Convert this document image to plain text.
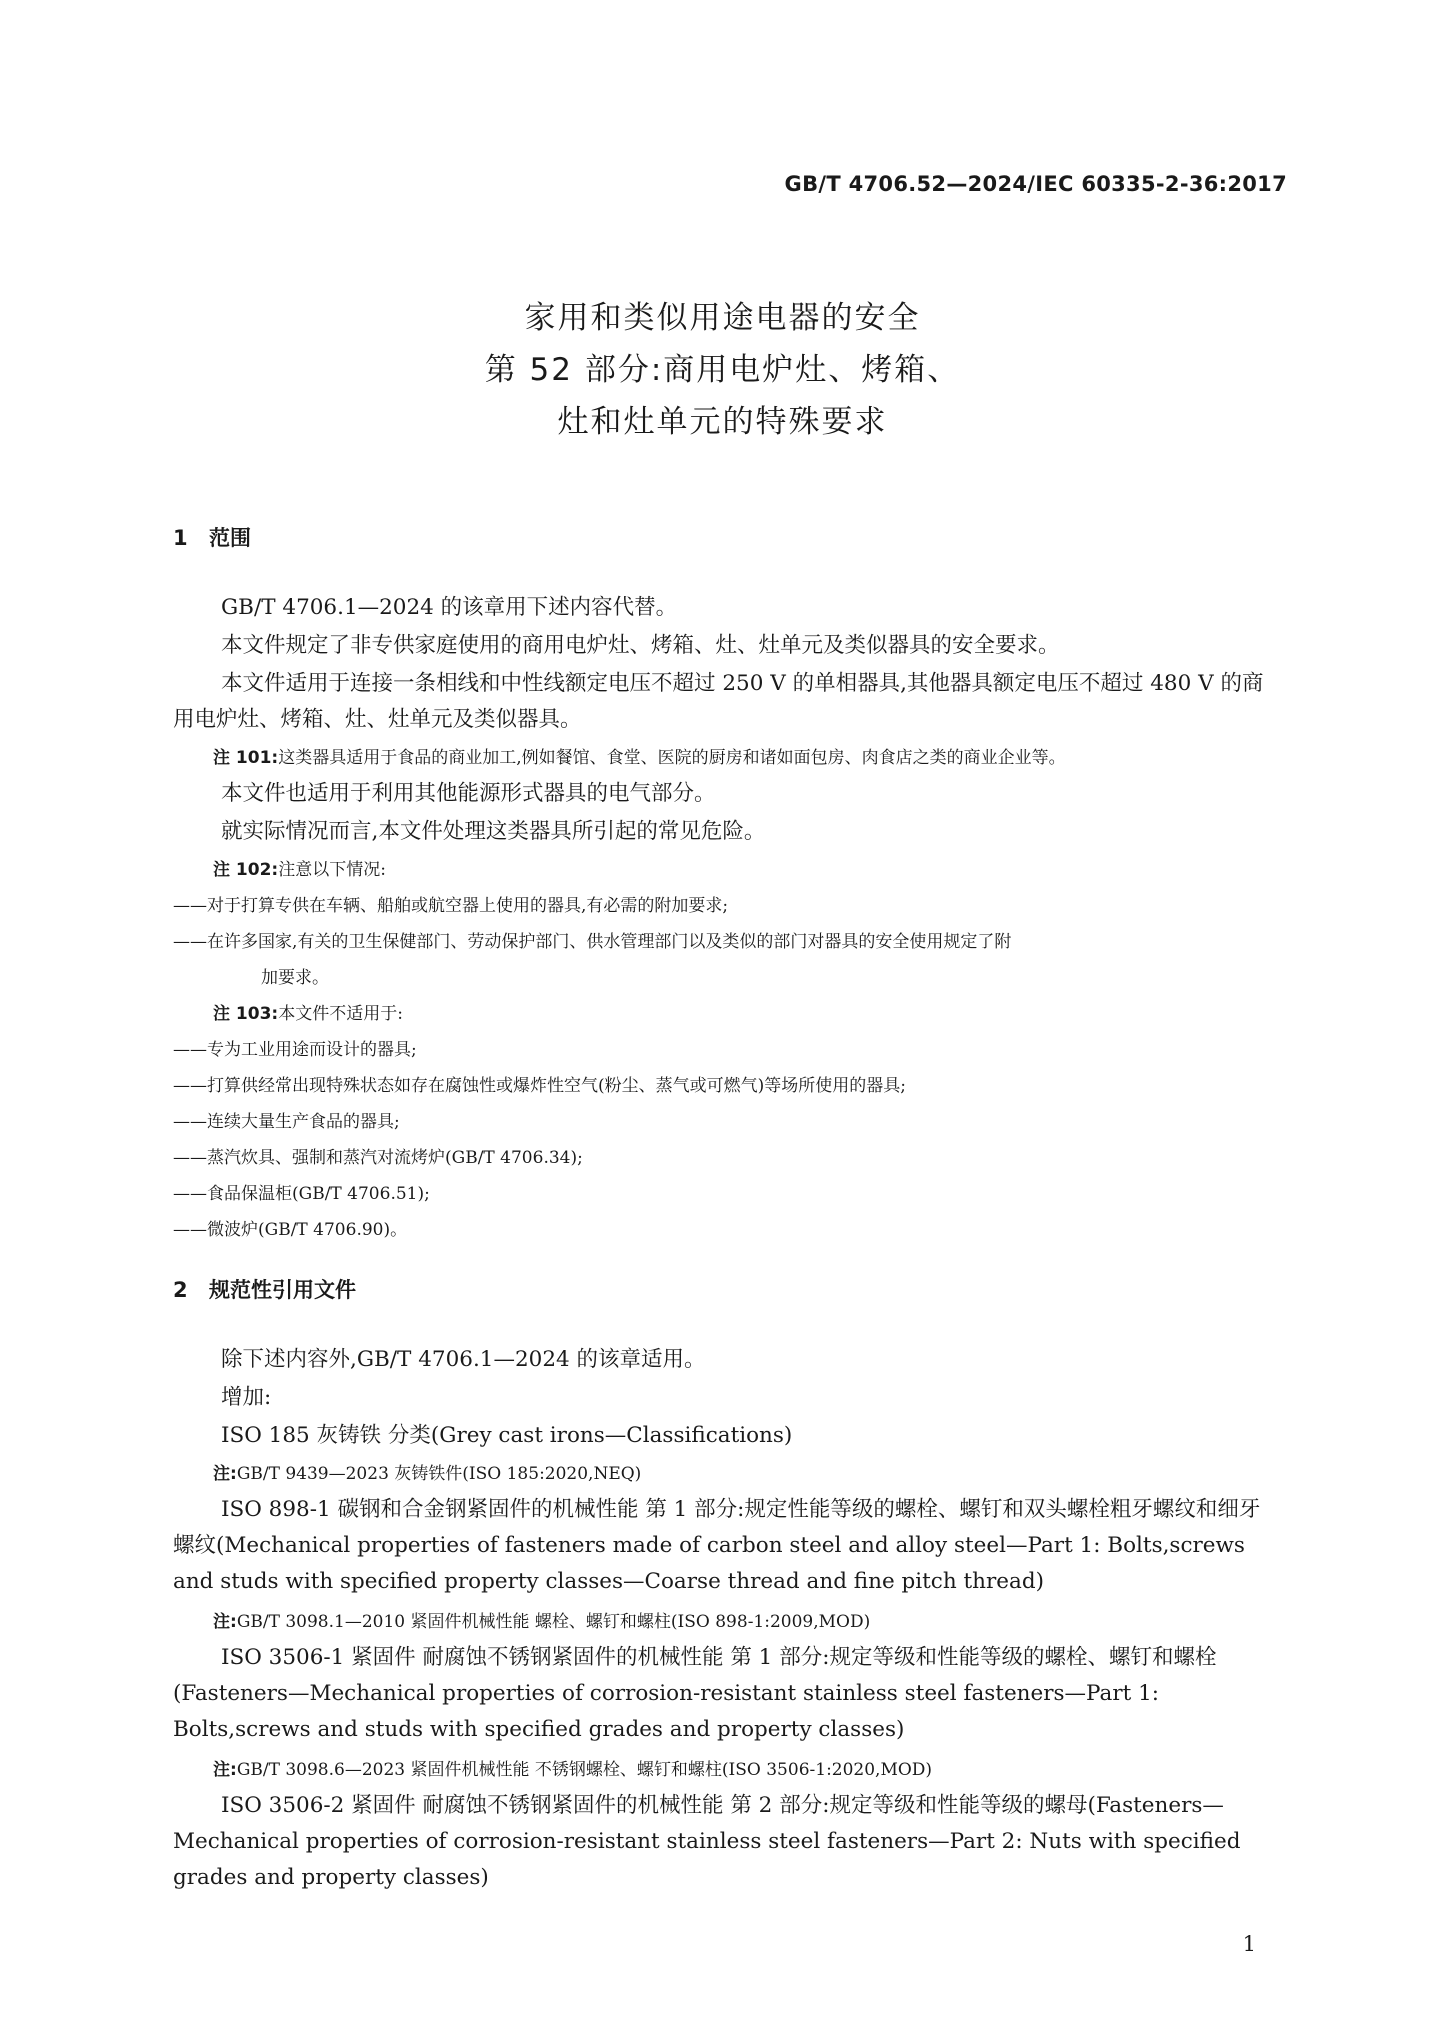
GB/T 4706.52—2024/IEC 60335-2-36:2017
家用和类似用途电器的安全
第 52 部分:商用电炉灶、烤箱、
灶和灶单元的特殊要求
1 范围
GB/T 4706.1—2024 的该章用下述内容代替。
本文件规定了非专供家庭使用的商用电炉灶、烤箱、灶、灶单元及类似器具的安全要求。
本文件适用于连接一条相线和中性线额定电压不超过 250 V 的单相器具,其他器具额定电压不超过 480 V 的商用电炉灶、烤箱、灶、灶单元及类似器具。
注 101:这类器具适用于食品的商业加工,例如餐馆、食堂、医院的厨房和诸如面包房、肉食店之类的商业企业等。
本文件也适用于利用其他能源形式器具的电气部分。
就实际情况而言,本文件处理这类器具所引起的常见危险。
注 102:注意以下情况:
——对于打算专供在车辆、船舶或航空器上使用的器具,有必需的附加要求;
——在许多国家,有关的卫生保健部门、劳动保护部门、供水管理部门以及类似的部门对器具的安全使用规定了附
加要求。
注 103:本文件不适用于:
——专为工业用途而设计的器具;
——打算供经常出现特殊状态如存在腐蚀性或爆炸性空气(粉尘、蒸气或可燃气)等场所使用的器具;
——连续大量生产食品的器具;
——蒸汽炊具、强制和蒸汽对流烤炉(GB/T 4706.34);
——食品保温柜(GB/T 4706.51);
——微波炉(GB/T 4706.90)。
2 规范性引用文件
除下述内容外,GB/T 4706.1—2024 的该章适用。
增加:
ISO 185 灰铸铁 分类(Grey cast irons—Classifications)
注:GB/T 9439—2023 灰铸铁件(ISO 185:2020,NEQ)
ISO 898-1 碳钢和合金钢紧固件的机械性能 第 1 部分:规定性能等级的螺栓、螺钉和双头螺栓粗牙螺纹和细牙螺纹(Mechanical properties of fasteners made of carbon steel and alloy steel—Part 1: Bolts,screws and studs with specified property classes—Coarse thread and fine pitch thread)
注:GB/T 3098.1—2010 紧固件机械性能 螺栓、螺钉和螺柱(ISO 898-1:2009,MOD)
ISO 3506-1 紧固件 耐腐蚀不锈钢紧固件的机械性能 第 1 部分:规定等级和性能等级的螺栓、螺钉和螺栓(Fasteners—Mechanical properties of corrosion-resistant stainless steel fasteners—Part 1: Bolts,screws and studs with specified grades and property classes)
注:GB/T 3098.6—2023 紧固件机械性能 不锈钢螺栓、螺钉和螺柱(ISO 3506-1:2020,MOD)
ISO 3506-2 紧固件 耐腐蚀不锈钢紧固件的机械性能 第 2 部分:规定等级和性能等级的螺母(Fasteners—Mechanical properties of corrosion-resistant stainless steel fasteners—Part 2: Nuts with specified grades and property classes)
1
